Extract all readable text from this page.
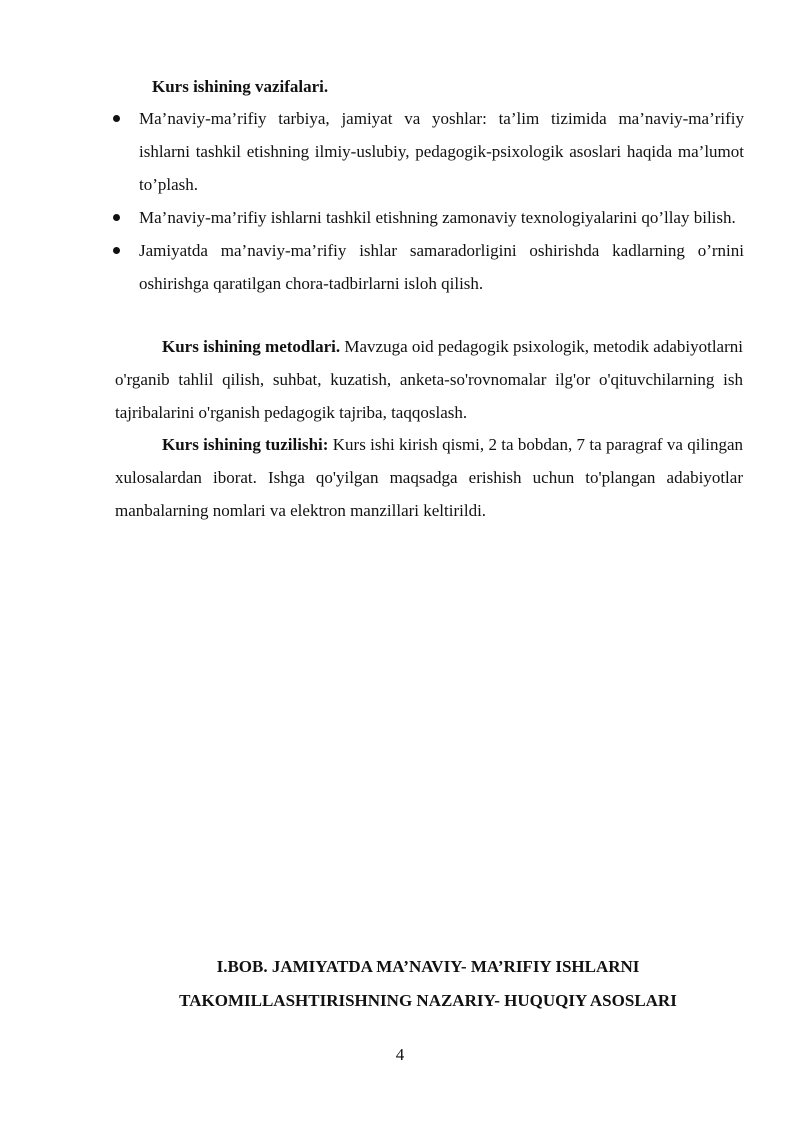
Kurs ishining vazifalari.
Ma’naviy-ma’rifiy tarbiya, jamiyat va yoshlar: ta’lim tizimida ma’naviy-ma’rifiy ishlarni tashkil etishning ilmiy-uslubiy, pedagogik-psixologik asoslari haqida ma’lumot to’plash.
Ma’naviy-ma’rifiy ishlarni tashkil etishning zamonaviy texnologiyalarini qo’llay bilish.
Jamiyatda ma’naviy-ma’rifiy ishlar samaradorligini oshirishda kadlarning o’rnini oshirishga qaratilgan chora-tadbirlarni isloh qilish.

Kurs ishining metodlari. Mavzuga oid pedagogik psixologik, metodik adabiyotlarni o'rganib tahlil qilish, suhbat, kuzatish, anketa-so'rovnomalar ilg'or o'qituvchilarning ish tajribalarini o'rganish pedagogik tajriba, taqqoslash.

Kurs ishining tuzilishi: Kurs ishi kirish qismi, 2 ta bobdan, 7 ta paragraf va qilingan xulosalardan iborat. Ishga qo'yilgan maqsadga erishish uchun to'plangan adabiyotlar manbalarning nomlari va elektron manzillari keltirildi.

I.BOB. JAMIYATDA MA’NAVIY- MA’RIFIY ISHLARNI
TAKOMILLASHTIRISHNING NAZARIY- HUQUQIY ASOSLARI
4
